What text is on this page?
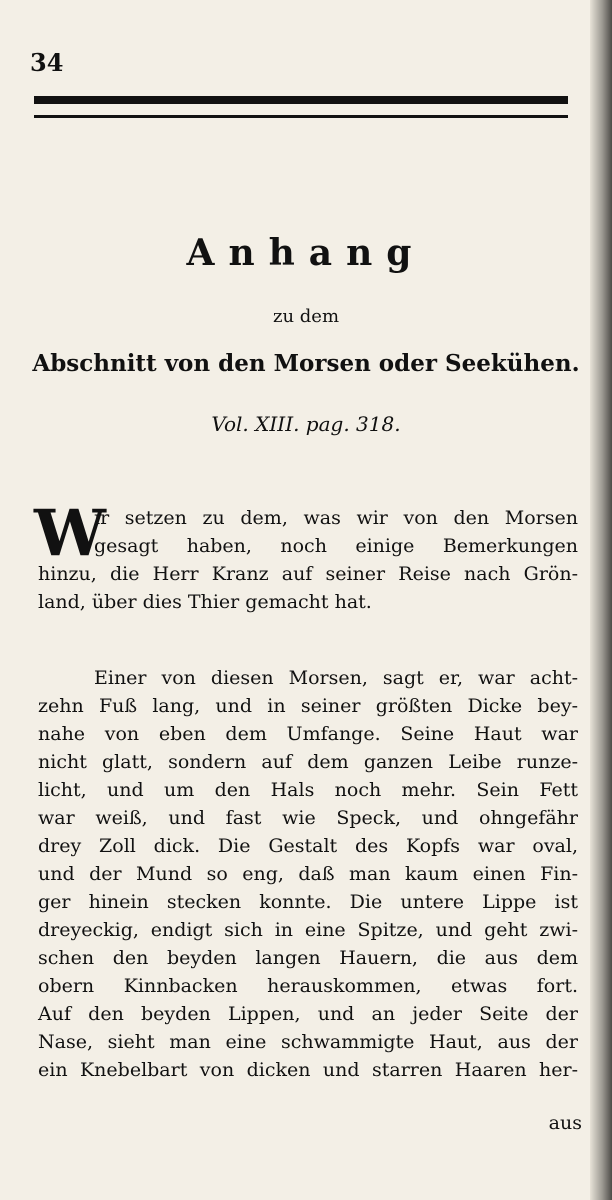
34
Anhang
zu dem
Abschnitt von den Morsen oder Seekühen.
Vol. XIII. pag. 318.
W
ir setzen zu dem, was wir von den Morsen
gesagt haben, noch einige Bemerkungen
hinzu, die Herr Kranz auf seiner Reise nach Grön-
land, über dies Thier gemacht hat.
Einer von diesen Morsen, sagt er, war acht-
zehn Fuß lang, und in seiner größten Dicke bey-
nahe von eben dem Umfange. Seine Haut war
nicht glatt, sondern auf dem ganzen Leibe runze-
licht, und um den Hals noch mehr. Sein Fett
war weiß, und fast wie Speck, und ohngefähr
drey Zoll dick. Die Gestalt des Kopfs war oval,
und der Mund so eng, daß man kaum einen Fin-
ger hinein stecken konnte. Die untere Lippe ist
dreyeckig, endigt sich in eine Spitze, und geht zwi-
schen den beyden langen Hauern, die aus dem
obern Kinnbacken herauskommen, etwas fort.
Auf den beyden Lippen, und an jeder Seite der
Nase, sieht man eine schwammigte Haut, aus der
ein Knebelbart von dicken und starren Haaren her-
aus
